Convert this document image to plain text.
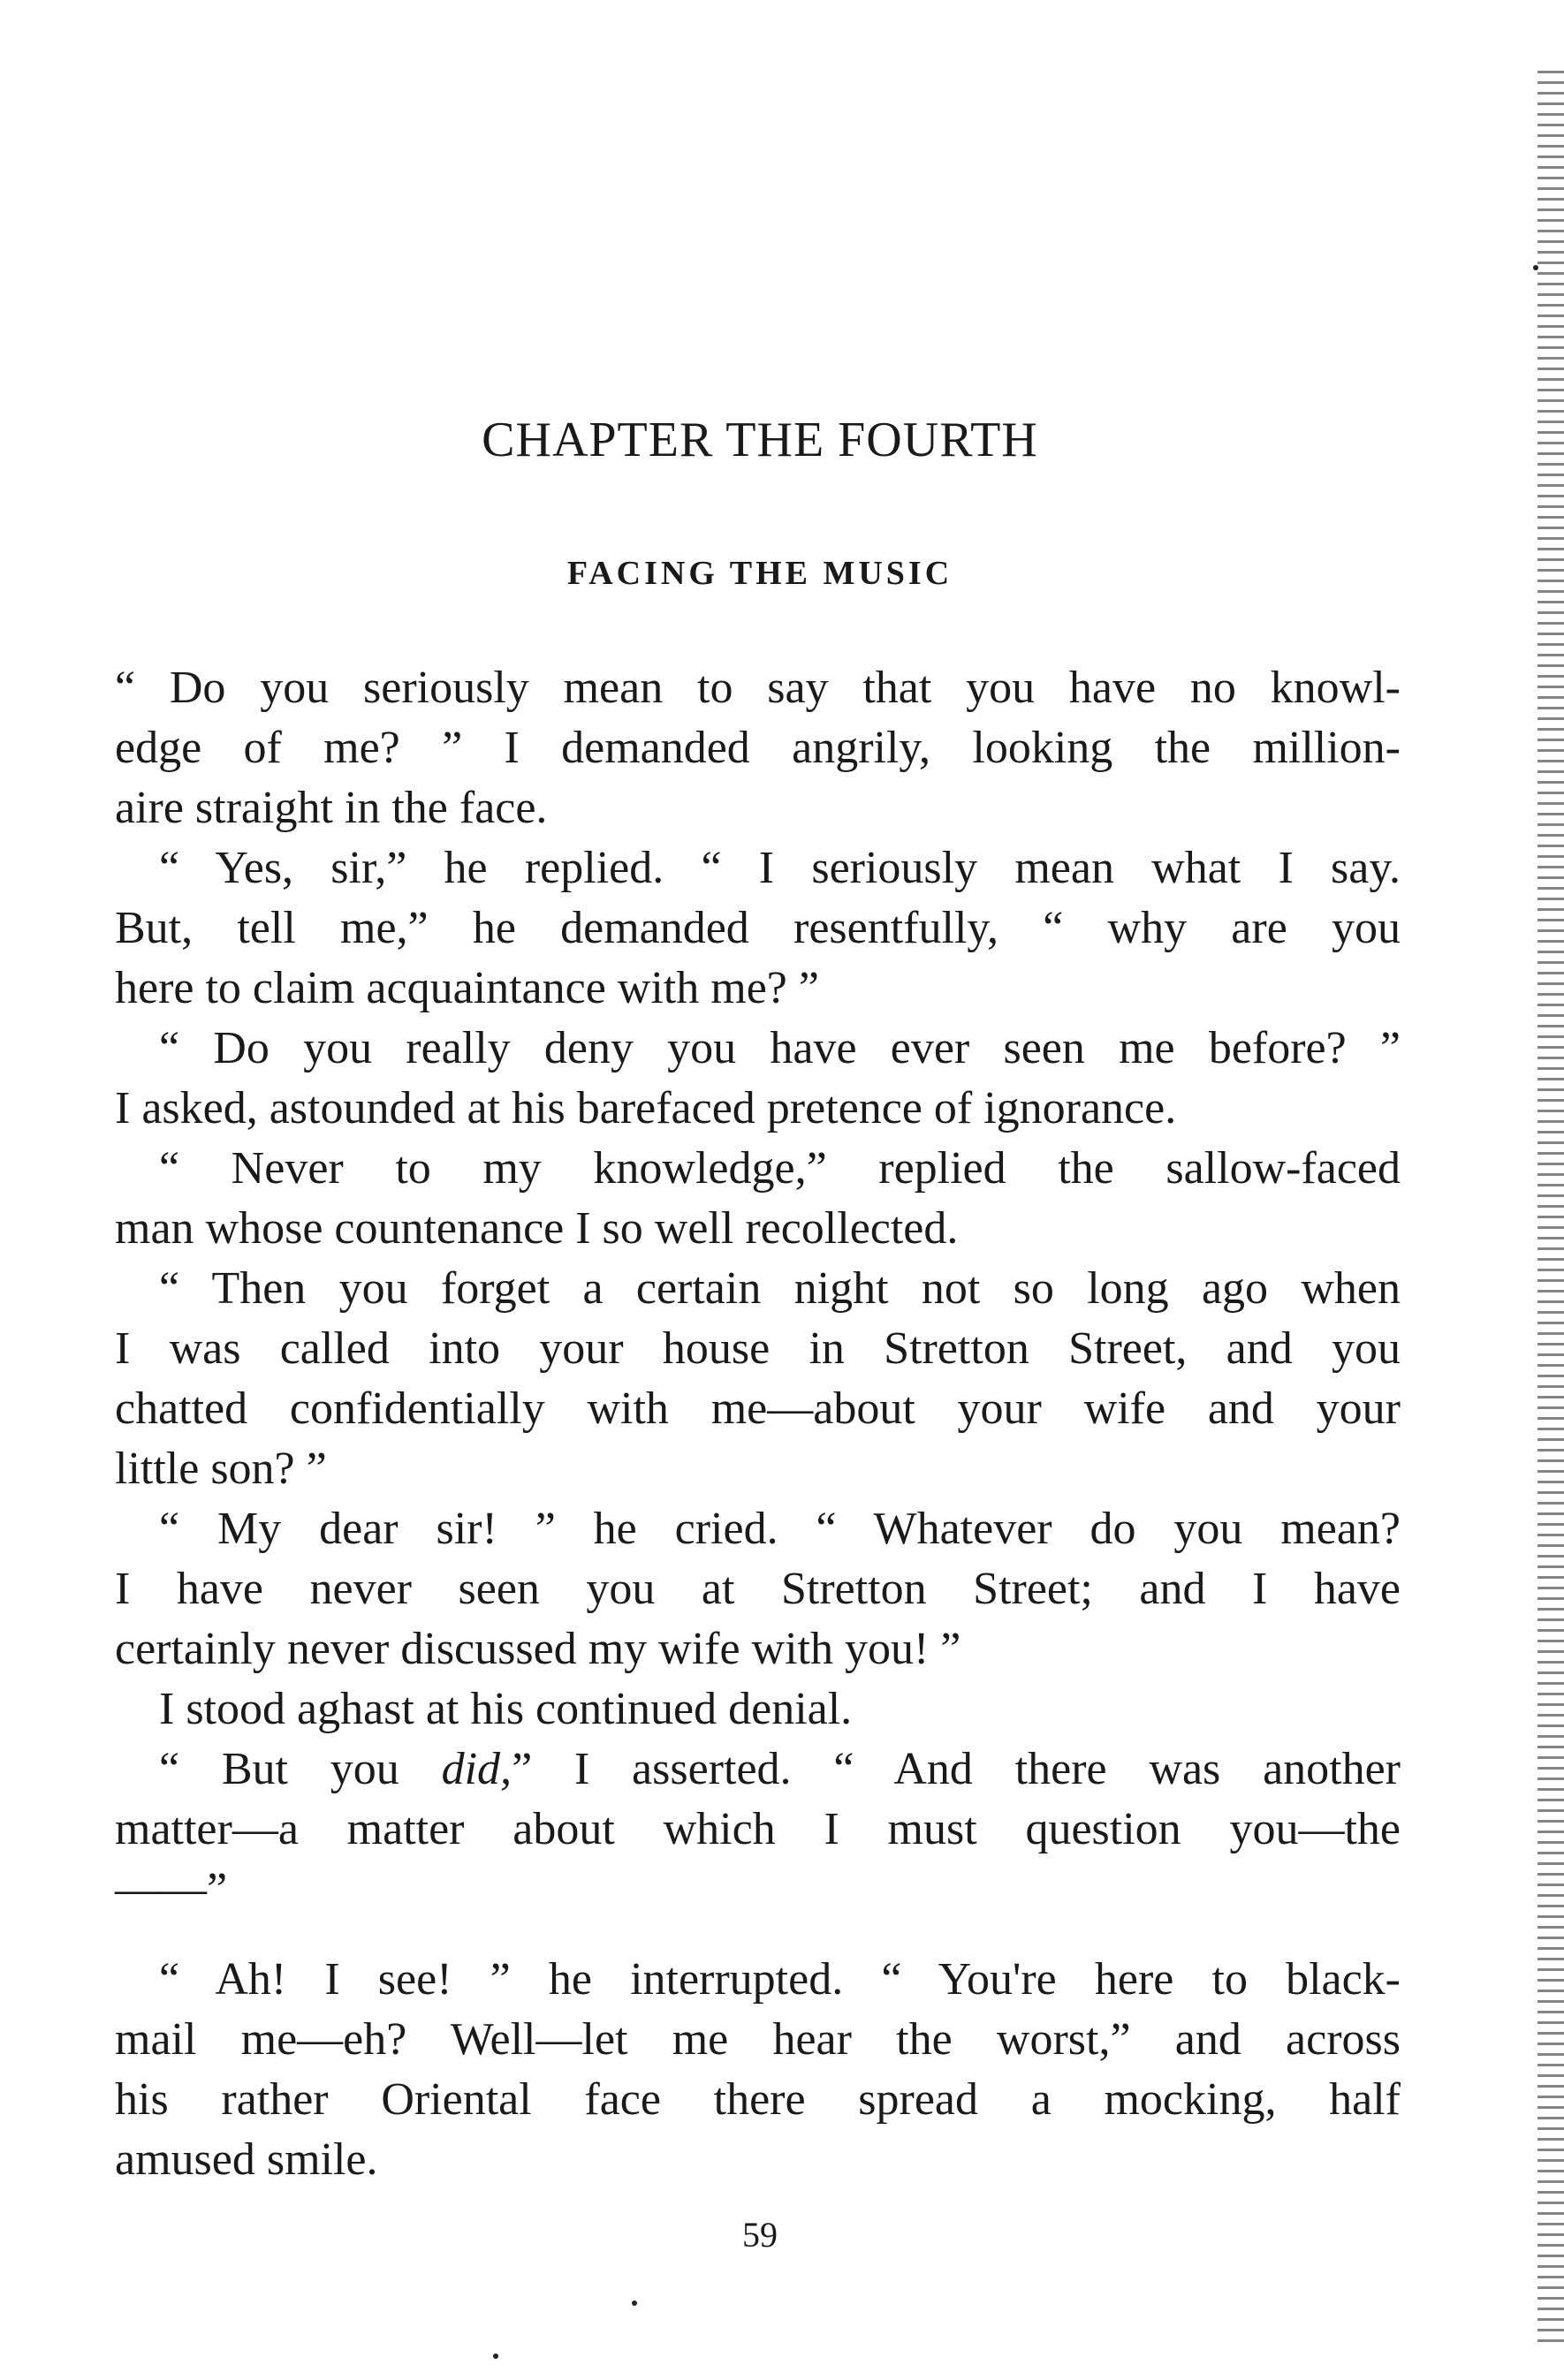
CHAPTER THE FOURTH
FACING THE MUSIC
“ Do you seriously mean to say that you have no knowl-
edge of me? ” I demanded angrily, looking the million-
aire straight in the face.
“ Yes, sir,” he replied. “ I seriously mean what I say.
But, tell me,” he demanded resentfully, “ why are you
here to claim acquaintance with me? ”
“ Do you really deny you have ever seen me before? ”
I asked, astounded at his barefaced pretence of ignorance.
“ Never to my knowledge,” replied the sallow-faced
man whose countenance I so well recollected.
“ Then you forget a certain night not so long ago when
I was called into your house in Stretton Street, and you
chatted confidentially with me—about your wife and your
little son? ”
“ My dear sir! ” he cried. “ Whatever do you mean?
I have never seen you at Stretton Street; and I have
certainly never discussed my wife with you! ”
I stood aghast at his continued denial.
“ But you did,” I asserted. “ And there was another
matter—a matter about which I must question you—the
——”
“ Ah! I see! ” he interrupted. “ You're here to black-
mail me—eh? Well—let me hear the worst,” and across
his rather Oriental face there spread a mocking, half
amused smile.
59
